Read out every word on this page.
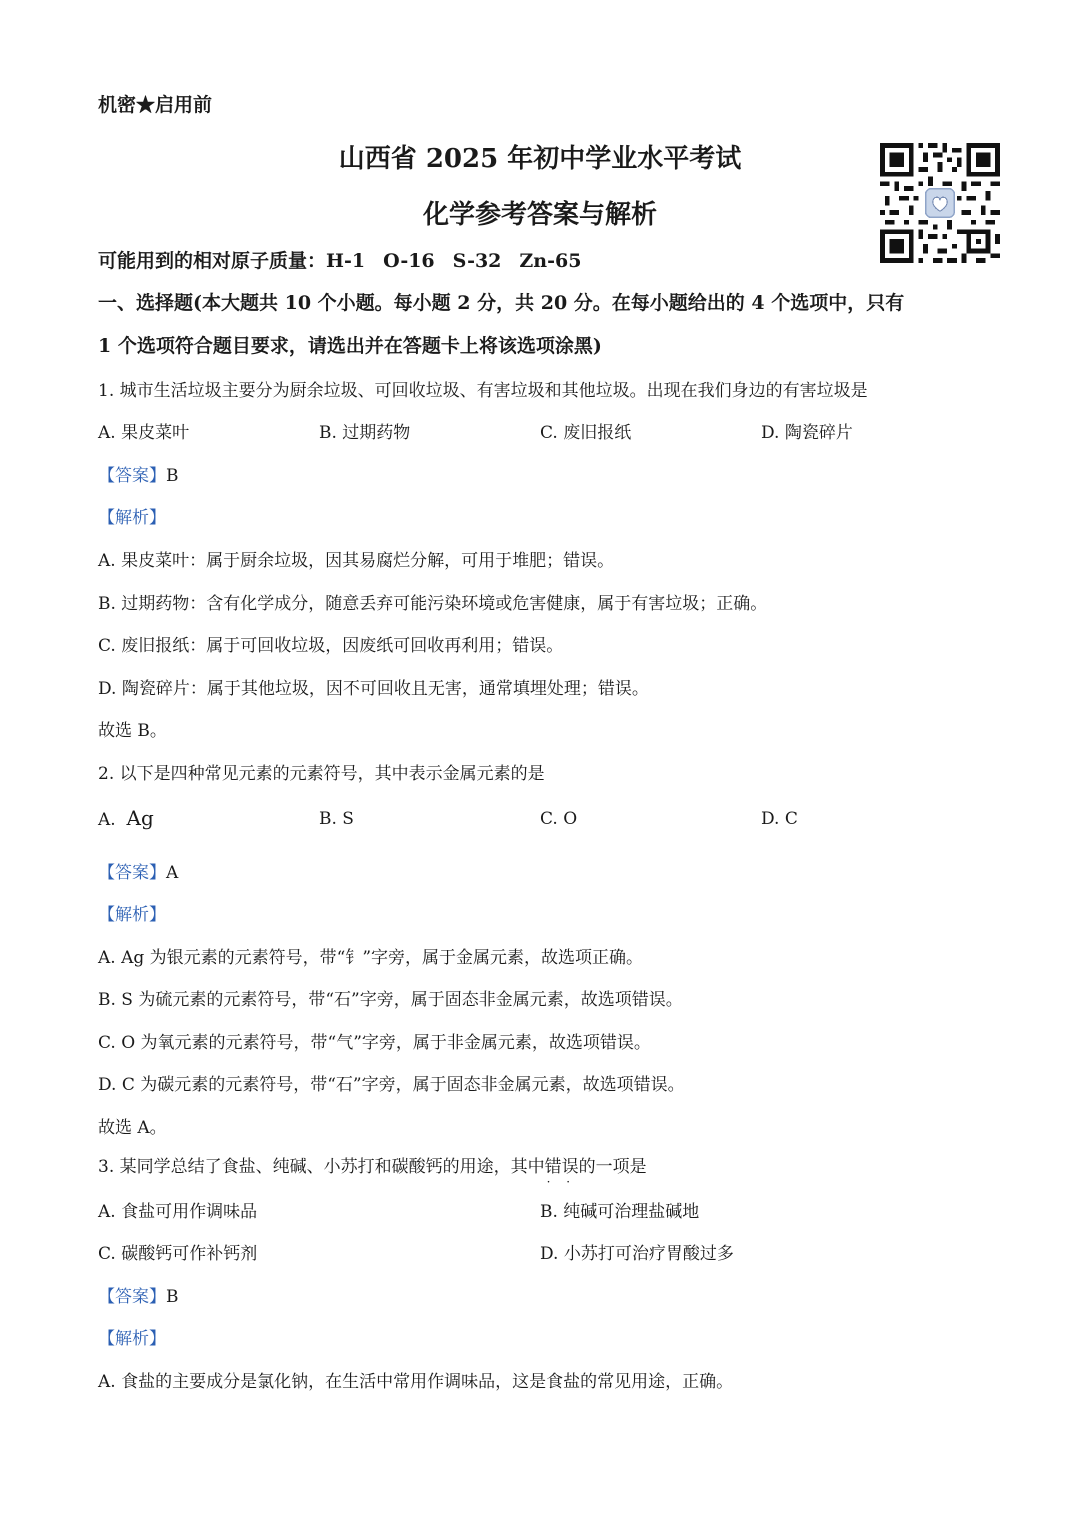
机密★启用前
山西省 2025 年初中学业水平考试
化学参考答案与解析
可能用到的相对原子质量：H-1 O-16 S-32 Zn-65
一、选择题(本大题共 10 个小题。每小题 2 分，共 20 分。在每小题给出的 4 个选项中，只有
1 个选项符合题目要求，请选出并在答题卡上将该选项涂黑)
1. 城市生活垃圾主要分为厨余垃圾、可回收垃圾、有害垃圾和其他垃圾。出现在我们身边的有害垃圾是
A. 果皮菜叶	B. 过期药物	C. 废旧报纸	D. 陶瓷碎片
【答案】B
【解析】
A. 果皮菜叶：属于厨余垃圾，因其易腐烂分解，可用于堆肥；错误。
B. 过期药物：含有化学成分，随意丢弃可能污染环境或危害健康，属于有害垃圾；正确。
C. 废旧报纸：属于可回收垃圾，因废纸可回收再利用；错误。
D. 陶瓷碎片：属于其他垃圾，因不可回收且无害，通常填埋处理；错误。
故选 B。
2. 以下是四种常见元素的元素符号，其中表示金属元素的是
A. Ag	B. S	C. O	D. C
【答案】A
【解析】
A. Ag 为银元素的元素符号，带“钅”字旁，属于金属元素，故选项正确。
B. S 为硫元素的元素符号，带“石”字旁，属于固态非金属元素，故选项错误。
C. O 为氧元素的元素符号，带“气”字旁，属于非金属元素，故选项错误。
D. C 为碳元素的元素符号，带“石”字旁，属于固态非金属元素，故选项错误。
故选 A。
3. 某同学总结了食盐、纯碱、小苏打和碳酸钙的用途，其中错误 · ·的一项是
A. 食盐可用作调味品	B. 纯碱可治理盐碱地
C. 碳酸钙可作补钙剂	D. 小苏打可治疗胃酸过多
【答案】B
【解析】
A. 食盐的主要成分是氯化钠，在生活中常用作调味品，这是食盐的常见用途，正确。
